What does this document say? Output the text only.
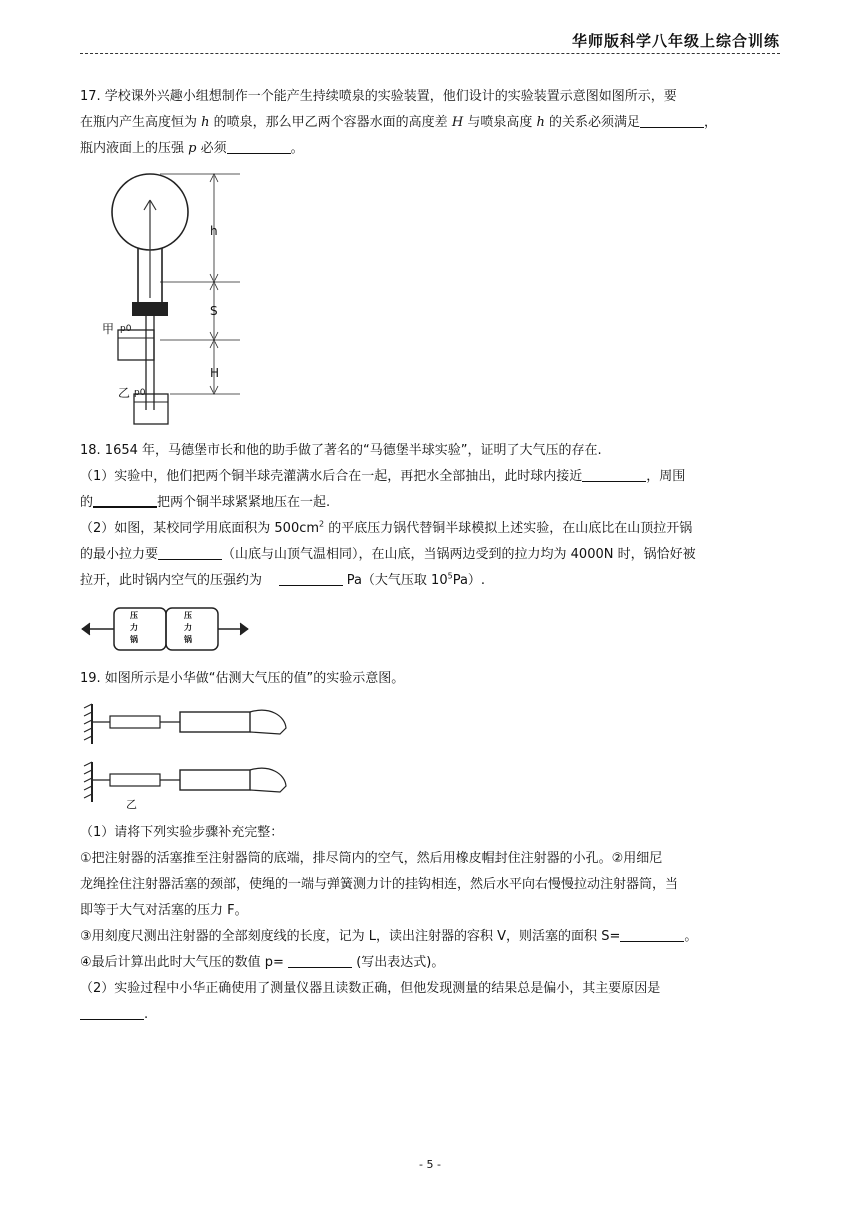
华师版科学八年级上综合训练

17. 学校课外兴趣小组想制作一个能产生持续喷泉的实验装置，他们设计的实验装置示意图如图所示，要

在瓶内产生高度恒为 h 的喷泉，那么甲乙两个容器水面的高度差 H 与喷泉高度 h 的关系必须满足	，

瓶内液面上的压强 p 必须	。

h
S
H
甲 p0
乙 p0

18. 1654 年，马德堡市长和他的助手做了著名的“马德堡半球实验”，证明了大气压的存在.

（1）实验中，他们把两个铜半球壳灌满水后合在一起，再把水全部抽出，此时球内接近	，周围
的	把两个铜半球紧紧地压在一起.

（2）如图，某校同学用底面积为 $500cm^2$ 的平底压力锅代替铜半球模拟上述实验，在山底比在山顶拉开锅
的最小拉力要	（山底与山顶气温相同），在山底，当锅两边受到的拉力均为 4000N 时，锅恰好被
拉开，此时锅内空气的压强约为	Pa（大气压取 $10^5Pa$）.

压力锅
压力锅

19. 如图所示是小华做“估测大气压的值”的实验示意图。

乙

（1）请将下列实验步骤补充完整：

①把注射器的活塞推至注射器筒的底端，排尽筒内的空气，然后用橡皮帽封住注射器的小孔。②用细尼

龙绳拴住注射器活塞的颈部，使绳的一端与弹簧测力计的挂钩相连，然后水平向右慢慢拉动注射器筒，当

即等于大气对活塞的压力 F。

③用刻度尺测出注射器的全部刻度线的长度，记为 L，读出注射器的容积 V，则活塞的面积 S=	。

④最后计算出此时大气压的数值 p=	(写出表达式)。

（2）实验过程中小华正确使用了测量仪器且读数正确，但他发现测量的结果总是偏小，其主要原因是

.

- 5 -
